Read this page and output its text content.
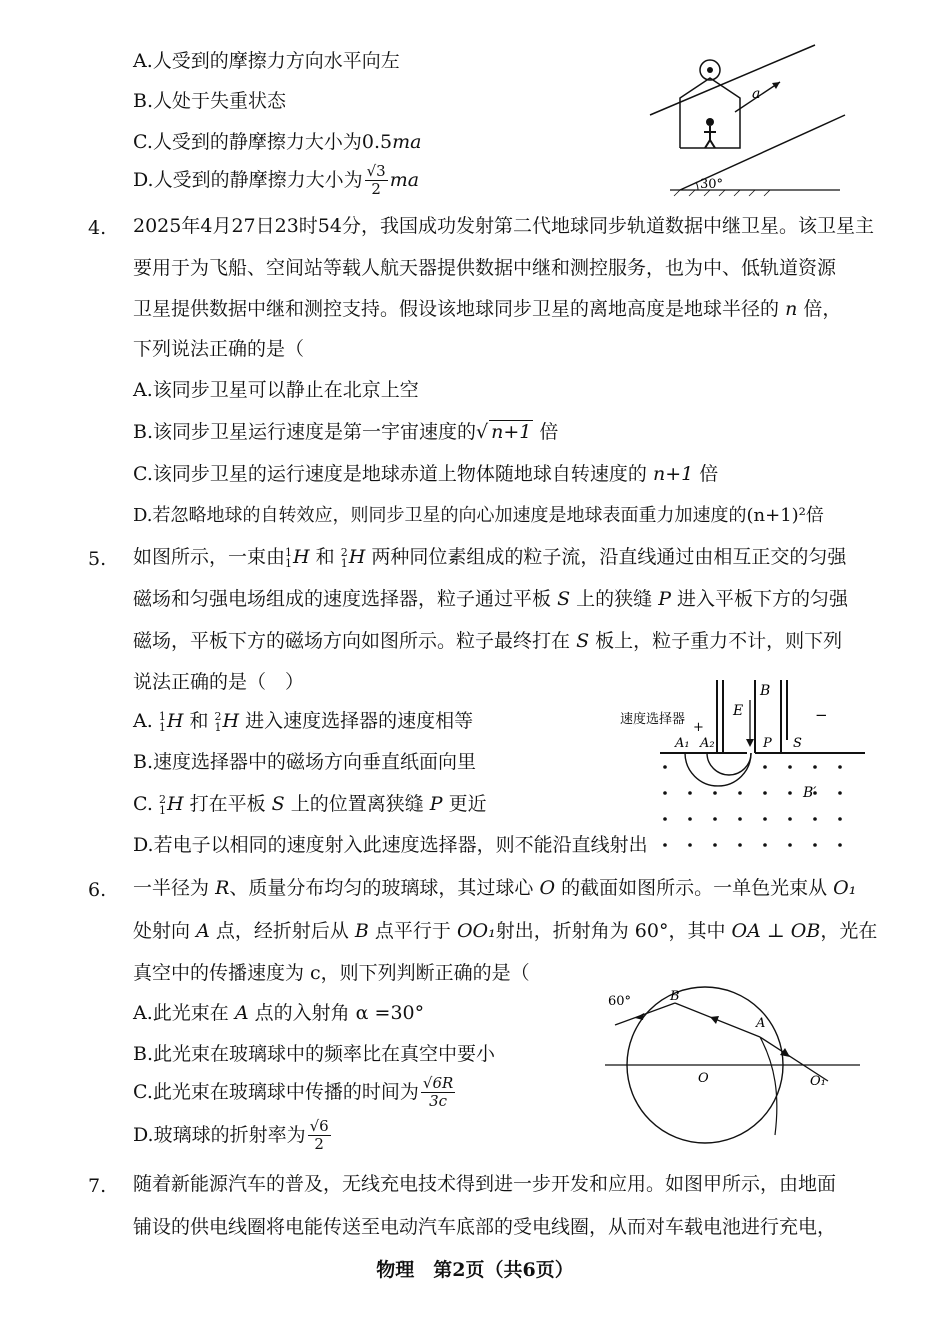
A.人受到的摩擦力方向水平向左
B.人处于失重状态
C.人受到的静摩擦力大小为0.5ma
D.人受到的静摩擦力大小为 $\frac{√3}{2}$ ma
a
30°
4. 2025年4月27日23时54分，我国成功发射第二代地球同步轨道数据中继卫星。该卫星主
要用于为飞船、空间站等载人航天器提供数据中继和测控服务，也为中、低轨道资源
卫星提供数据中继和测控支持。假设该地球同步卫星的离地高度是地球半径的 n 倍，
下列说法正确的是（
A.该同步卫星可以静止在北京上空
B.该同步卫星运行速度是第一宇宙速度的√ n+1 倍
C.该同步卫星的运行速度是地球赤道上物体随地球自转速度的 n+1 倍
D.若忽略地球的自转效应，则同步卫星的向心加速度是地球表面重力加速度的(n+1)²倍
5. 如图所示，一束由 1
1 H 和 2
1 H 两种同位素组成的粒子流，沿直线通过由相互正交的匀强
磁场和匀强电场组成的速度选择器，粒子通过平板 S 上的狭缝 P 进入平板下方的匀强
磁场，平板下方的磁场方向如图所示。粒子最终打在 S 板上，粒子重力不计，则下列
说法正确的是（　）
A. 1
1 H 和 2
1 H 进入速度选择器的速度相等
B.速度选择器中的磁场方向垂直纸面向里
C. 2
1 H 打在平板 S 上的位置离狭缝 P 更近
D.若电子以相同的速度射入此速度选择器，则不能沿直线射出
速度选择器
+
E
B
A₁ A₂	P S
−
B′
6. 一半径为 R、质量分布均匀的玻璃球，其过球心 O 的截面如图所示。一单色光束从 O₁
处射向 A 点，经折射后从 B 点平行于 OO₁射出，折射角为 60°，其中 OA ⊥ OB，光在
真空中的传播速度为 c，则下列判断正确的是（
A.此光束在 A 点的入射角 α =30°
B.此光束在玻璃球中的频率比在真空中要小
C.此光束在玻璃球中传播的时间为 $\frac{√6R}{3c}$
D.玻璃球的折射率为 $\frac{√6}{2}$
60°	B
A
O	O₁
7. 随着新能源汽车的普及，无线充电技术得到进一步开发和应用。如图甲所示，由地面
铺设的供电线圈将电能传送至电动汽车底部的受电线圈，从而对车载电池进行充电，
物理　第2页（共6页）
